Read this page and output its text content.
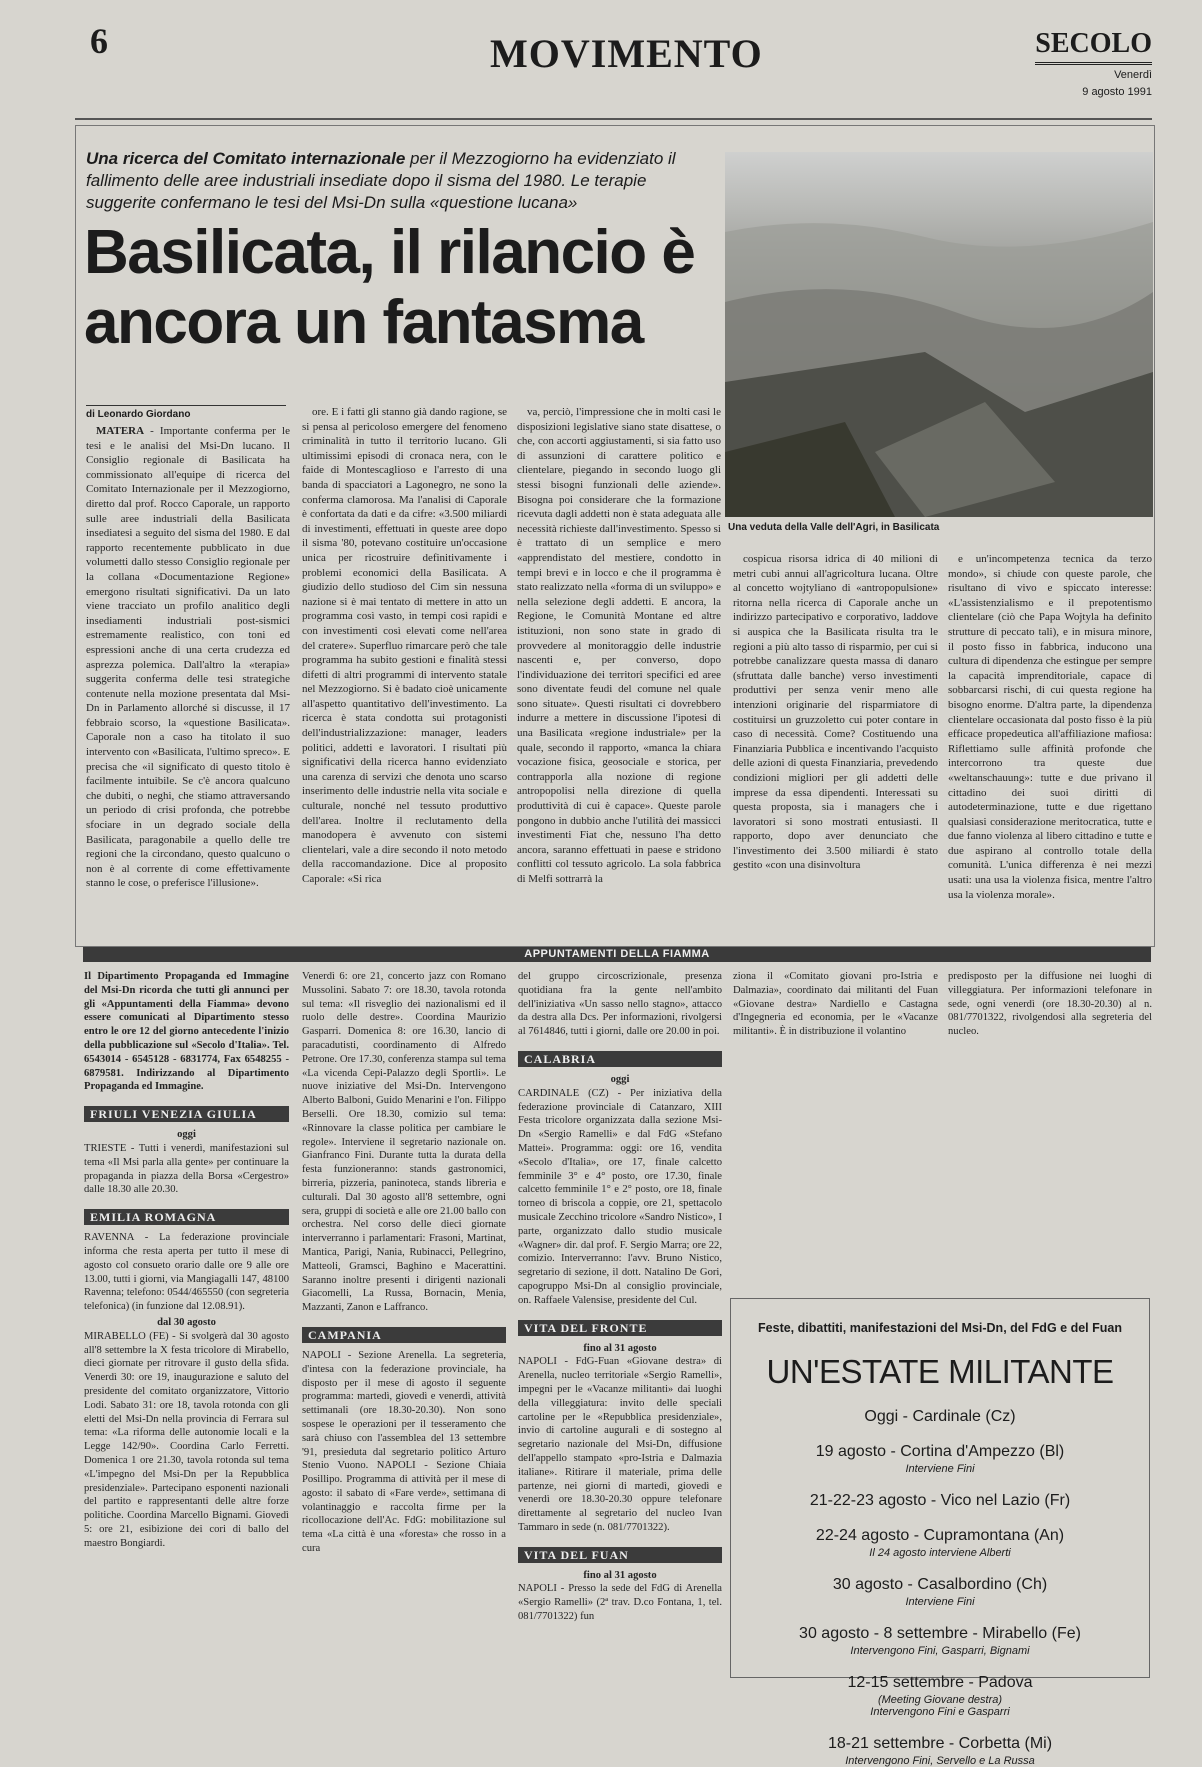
6	MOVIMENTO	SECOLO
Venerdì
9 agosto 1991
Una ricerca del Comitato internazionale per il Mezzogiorno ha evidenziato il fallimento delle aree industriali insediate dopo il sisma del 1980. Le terapie suggerite confermano le tesi del Msi-Dn sulla «questione lucana»
Basilicata, il rilancio è ancora un fantasma
Una veduta della Valle dell'Agri, in Basilicata
di Leonardo Giordano

MATERA - Importante conferma per le tesi e le analisi del Msi-Dn lucano. Il Consiglio regionale di Basilicata ha commissionato all'equipe di ricerca del Comitato Internazionale per il Mezzogiorno, diretto dal prof. Rocco Caporale, un rapporto sulle aree industriali della Basilicata insediatesi a seguito del sisma del 1980. E dal rapporto recentemente pubblicato in due volumetti dallo stesso Consiglio regionale per la collana «Documentazione Regione» emergono risultati significativi. Da un lato viene tracciato un profilo analitico degli insediamenti industriali post-sismici estremamente realistico, con toni ed espressioni anche di una certa crudezza ed asprezza polemica. Dall'altro la «terapia» suggerita conferma delle tesi strategiche contenute nella mozione presentata dal Msi-Dn in Parlamento allorché si discusse, il 17 febbraio scorso, la «questione Basilicata». Caporale non a caso ha titolato il suo intervento con «Basilicata, l'ultimo spreco». E precisa che «il significato di questo titolo è facilmente intuibile. Se c'è ancora qualcuno che dubiti, o neghi, che stiamo attraversando un periodo di crisi profonda, che potrebbe sfociare in un degrado sociale della Basilicata, paragonabile a quello delle tre regioni che la circondano, questo qualcuno o non è al corrente di come effettivamente stanno le cose, o preferisce l'illusione».

ore. E i fatti gli stanno già dando ragione, se si pensa al pericoloso emergere del fenomeno criminalità in tutto il territorio lucano. Gli ultimissimi episodi di cronaca nera, con le faide di Montescaglioso e l'arresto di una banda di spacciatori a Lagonegro, ne sono la conferma clamorosa. Ma l'analisi di Caporale è confortata da dati e da cifre: «3.500 miliardi di investimenti, effettuati in queste aree dopo il sisma '80, potevano costituire un'occasione unica per ricostruire definitivamente i problemi economici della Basilicata. A giudizio dello studioso del Cim sin nessuna nazione si è mai tentato di mettere in atto un programma così vasto, in tempi così rapidi e con investimenti così elevati come nell'area del cratere». Superfluo rimarcare però che tale programma ha subito gestioni e finalità stessi difetti di altri programmi di intervento statale nel Mezzogiorno. Si è badato cioè unicamente all'aspetto quantitativo dell'investimento. La ricerca è stata condotta sui protagonisti dell'industrializzazione: manager, leaders politici, addetti e lavoratori. I risultati più significativi della ricerca hanno evidenziato una carenza di servizi che denota uno scarso inserimento delle industrie nella vita sociale e culturale, nonché nel tessuto produttivo dell'area. Inoltre il reclutamento della manodopera è avvenuto con sistemi clientelari, vale a dire secondo il noto metodo della raccomandazione. Dice al proposito Caporale: «Si rica

va, perciò, l'impressione che in molti casi le disposizioni legislative siano state disattese, o che, con accorti aggiustamenti, si sia fatto uso di assunzioni di carattere politico e clientelare, piegando in secondo luogo gli stessi bisogni funzionali delle aziende». Bisogna poi considerare che la formazione ricevuta dagli addetti non è stata adeguata alle necessità richieste dall'investimento. Spesso si è trattato di un semplice e mero «apprendistato del mestiere, condotto in tempi brevi e in locco e che il programma è stato realizzato nella «forma di un sviluppo» e nella selezione degli addetti. E ancora, la Regione, le Comunità Montane ed altre istituzioni, non sono state in grado di provvedere al monitoraggio delle industrie nascenti e, per converso, dopo l'individuazione dei territori specifici ed aree sono diventate feudi del comune nel quale sono situate». Questi risultati ci dovrebbero indurre a mettere in discussione l'ipotesi di una Basilicata «regione industriale» per la quale, secondo il rapporto, «manca la chiara vocazione fisica, geosociale e storica, per contrapporla alla nozione di regione antropopolisi nella direzione di quella produttività di cui è capace». Queste parole pongono in dubbio anche l'utilità dei massicci investimenti Fiat che, nessuno l'ha detto ancora, saranno effettuati in paese e stridono conflitti col tessuto agricolo. La sola fabbrica di Melfi sottrarrà la

cospicua risorsa idrica di 40 milioni di metri cubi annui all'agricoltura lucana. Oltre al concetto wojtyliano di «antropopulsione» ritorna nella ricerca di Caporale anche un indirizzo partecipativo e corporativo, laddove si auspica che la Basilicata risulta tra le regioni a più alto tasso di risparmio, per cui si potrebbe canalizzare questa massa di danaro (sfruttata dalle banche) verso investimenti produttivi per senza venir meno alle intenzioni originarie del risparmiatore di costituirsi un gruzzoletto cui poter contare in caso di necessità. Come? Costituendo una Finanziaria Pubblica e incentivando l'acquisto delle azioni di questa Finanziaria, prevedendo condizioni migliori per gli addetti delle imprese da essa dipendenti. Interessati su questa proposta, sia i managers che i lavoratori si sono mostrati entusiasti. Il rapporto, dopo aver denunciato che l'investimento dei 3.500 miliardi è stato gestito «con una disinvoltura

e un'incompetenza tecnica da terzo mondo», si chiude con queste parole, che risultano di vivo e spiccato interesse: «L'assistenzialismo e il prepotentismo clientelare (ciò che Papa Wojtyla ha definito strutture di peccato tali), e in misura minore, il posto fisso in fabbrica, inducono una cultura di dipendenza che estingue per sempre la capacità imprenditoriale, capace di sobbarcarsi rischi, di cui questa regione ha bisogno enorme. D'altra parte, la dipendenza clientelare occasionata dal posto fisso è la più efficace propedeutica all'affiliazione mafiosa: Riflettiamo sulle affinità profonde che intercorrono tra queste due «weltanschauung»: tutte e due privano il cittadino dei suoi diritti di autodeterminazione, tutte e due rigettano qualsiasi considerazione meritocratica, tutte e due fanno violenza al libero cittadino e tutte e due aspirano al controllo totale della comunità. L'unica differenza è nei mezzi usati: una usa la violenza fisica, mentre l'altro usa la violenza morale».

APPUNTAMENTI DELLA FIAMMA

Il Dipartimento Propaganda ed Immagine del Msi-Dn ricorda che tutti gli annunci per gli «Appuntamenti della Fiamma» devono essere comunicati al Dipartimento stesso entro le ore 12 del giorno antecedente l'inizio della pubblicazione sul «Secolo d'Italia». Tel. 6543014 - 6545128 - 6831774, Fax 6548255 - 6879581. Indirizzando al Dipartimento Propaganda ed Immagine.

FRIULI VENEZIA GIULIA
oggi

TRIESTE - Tutti i venerdì, manifestazioni sul tema «Il Msi parla alla gente» per continuare la propaganda in piazza della Borsa «Cergestro» dalle 18.30 alle 20.30.

EMILIA ROMAGNA

RAVENNA - La federazione provinciale informa che resta aperta per tutto il mese di agosto col consueto orario dalle ore 9 alle ore 13.00, tutti i giorni, via Mangiagalli 147, 48100 Ravenna; telefono: 0544/465550 (con segreteria telefonica) (in funzione dal 12.08.91).

dal 30 agosto

MIRABELLO (FE) - Si svolgerà dal 30 agosto all'8 settembre la X festa tricolore di Mirabello, dieci giornate per ritrovare il gusto della sfida. Venerdì 30: ore 19, inaugurazione e saluto del presidente del comitato organizzatore, Vittorio Lodi. Sabato 31: ore 18, tavola rotonda con gli eletti del Msi-Dn nella provincia di Ferrara sul tema: «La riforma delle autonomie locali e la Legge 142/90». Coordina Carlo Ferretti. Domenica 1 ore 21.30, tavola rotonda sul tema «L'impegno del Msi-Dn per la Repubblica presidenziale». Partecipano esponenti nazionali del partito e rappresentanti delle altre forze politiche. Coordina Marcello Bignami. Giovedì 5: ore 21, esibizione dei cori di ballo del maestro Bongiardi.

Venerdì 6: ore 21, concerto jazz con Romano Mussolini. Sabato 7: ore 18.30, tavola rotonda sul tema: «Il risveglio dei nazionalismi ed il ruolo delle destre». Coordina Maurizio Gasparri. Domenica 8: ore 16.30, lancio di paracadutisti, coordinamento di Alfredo Petrone. Ore 17.30, conferenza stampa sul tema «La vicenda Cepi-Palazzo degli Sportli». Le nuove iniziative del Msi-Dn. Intervengono Alberto Balboni, Guido Menarini e l'on. Filippo Berselli. Ore 18.30, comizio sul tema: «Rinnovare la classe politica per cambiare le regole». Interviene il segretario nazionale on. Gianfranco Fini. Durante tutta la durata della festa funzioneranno: stands gastronomici, birreria, pizzeria, paninoteca, stands libreria e culturali. Dal 30 agosto all'8 settembre, ogni sera, gruppi di società e alle ore 21.00 ballo con orchestra. Nel corso delle dieci giornate interverranno i parlamentari: Frasoni, Martinat, Mantica, Parigi, Nania, Rubinacci, Pellegrino, Matteoli, Gramsci, Baghino e Macerattini. Saranno inoltre presenti i dirigenti nazionali Giacomelli, La Russa, Bornacin, Menia, Mazzanti, Zanon e Laffranco.

CAMPANIA

NAPOLI - Sezione Arenella. La segreteria, d'intesa con la federazione provinciale, ha disposto per il mese di agosto il seguente programma: martedì, giovedì e venerdì, attività settimanali (ore 18.30-20.30). Non sono sospese le operazioni per il tesseramento che sarà chiuso con l'assemblea del 13 settembre '91, presieduta dal segretario politico Arturo Stenio Vuono. NAPOLI - Sezione Chiaia Posillipo. Programma di attività per il mese di agosto: il sabato di «Fare verde», settimana di volantinaggio e raccolta firme per la ricollocazione dell'Ac. FdG: mobilitazione sul tema «La città è una «foresta» che rosso in a cura

del gruppo circoscrizionale, presenza quotidiana fra la gente nell'ambito dell'iniziativa «Un sasso nello stagno», attacco da destra alla Dcs. Per informazioni, rivolgersi al 7614846, tutti i giorni, dalle ore 20.00 in poi.

CALABRIA
oggi

CARDINALE (CZ) - Per iniziativa della federazione provinciale di Catanzaro, XIII Festa tricolore organizzata dalla sezione Msi-Dn «Sergio Ramelli» e dal FdG «Stefano Mattei». Programma: oggi: ore 16, vendita «Secolo d'Italia», ore 17, finale calcetto femminile 3° e 4° posto, ore 17.30, finale calcetto femminile 1° e 2° posto, ore 18, finale torneo di briscola a coppie, ore 21, spettacolo musicale Zecchino tricolore «Sandro Nistico», I parte, organizzato dallo studio musicale «Wagner» dir. dal prof. F. Sergio Marra; ore 22, comizio. Interverranno: l'avv. Bruno Nistico, segretario di sezione, il dott. Natalino De Gori, capogruppo Msi-Dn al consiglio provinciale, on. Raffaele Valensise, presidente del Cul.

VITA DEL FRONTE
fino al 31 agosto

NAPOLI - FdG-Fuan «Giovane destra» di Arenella, nucleo territoriale «Sergio Ramelli», impegni per le «Vacanze militanti» dai luoghi della villeggiatura: invito delle speciali cartoline per le «Repubblica presidenziale», invio di cartoline augurali e di sostegno al segretario nazionale del Msi-Dn, diffusione dell'appello stampato «pro-Istria e Dalmazia italiane». Ritirare il materiale, prima delle partenze, nei giorni di martedì, giovedì e venerdì ore 18.30-20.30 oppure telefonare direttamente al segretario del nucleo Ivan Tammaro in sede (n. 081/7701322).

VITA DEL FUAN
fino al 31 agosto

NAPOLI - Presso la sede del FdG di Arenella «Sergio Ramelli» (2ª trav. D.co Fontana, 1, tel. 081/7701322) fun

ziona il «Comitato giovani pro-Istria e Dalmazia», coordinato dai militanti del Fuan «Giovane destra» Nardiello e Castagna d'Ingegneria ed economia, per le «Vacanze militanti». È in distribuzione il volantino

predisposto per la diffusione nei luoghi di villeggiatura. Per informazioni telefonare in sede, ogni venerdì (ore 18.30-20.30) al n. 081/7701322, rivolgendosi alla segreteria del nucleo.

Feste, dibattiti, manifestazioni del Msi-Dn, del FdG e del Fuan
UN'ESTATE MILITANTE
Oggi - Cardinale (Cz)
19 agosto - Cortina d'Ampezzo (Bl)
Interviene Fini
21-22-23 agosto - Vico nel Lazio (Fr)
22-24 agosto - Cupramontana (An)
Il 24 agosto interviene Alberti
30 agosto - Casalbordino (Ch)
Interviene Fini
30 agosto - 8 settembre - Mirabello (Fe)
Intervengono Fini, Gasparri, Bignami
12-15 settembre - Padova
(Meeting Giovane destra)
Intervengono Fini e Gasparri
18-21 settembre - Corbetta (Mi)
Intervengono Fini, Servello e La Russa
